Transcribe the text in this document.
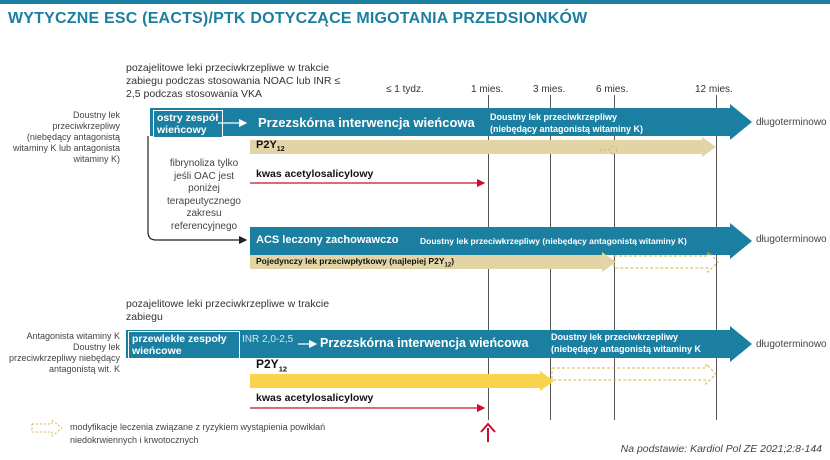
WYTYCZNE ESC (EACTS)/PTK DOTYCZĄCE MIGOTANIA PRZEDSIONKÓW
≤ 1 tydz.	1 mies.	3 mies.	6 mies.	12 mies.
pozajelitowe leki przeciwkrzepliwe w trakcie zabiegu podczas stosowania NOAC lub INR ≤ 2,5 podczas stosowania VKA
Doustny lek przeciwkrzepliwy (niebędący antagonistą witaminy K lub antagonista witaminy K)
ostry zespół wieńcowy	Przezskórna interwencja wieńcowa Doustny lek przeciwkrzepliwy (niebędący antagonistą witaminy K)
długoterminowo
$P2Y_{12}$
kwas acetylosalicylowy
fibrynoliza tylko jeśli OAC jest poniżej terapeutycznego zakresu referencyjnego
ACS leczony zachowawczo	Doustny lek przeciwkrzepliwy (niebędący antagonistą witaminy K)	długoterminowo
Pojedynczy lek przeciwpłytkowy (najlepiej $P2Y_{12}$)
pozajelitowe leki przeciwkrzepliwe w trakcie zabiegu
Antagonista witaminy K Doustny lek przeciwkrzepliwy niebędący antagonistą wit. K
przewlekłe zespoły wieńcowe
INR 2,0-2,5 Przezskórna interwencja wieńcowa	Doustny lek przeciwkrzepliwy (niebędący antagonistą witaminy K	długoterminowo
$P2Y_{12}$
kwas acetylosalicylowy
modyfikacje leczenia związane z ryzykiem wystąpienia powikłań niedokrwiennych i krwotocznych
Na podstawie: Kardiol Pol ZE 2021;2:8-144
